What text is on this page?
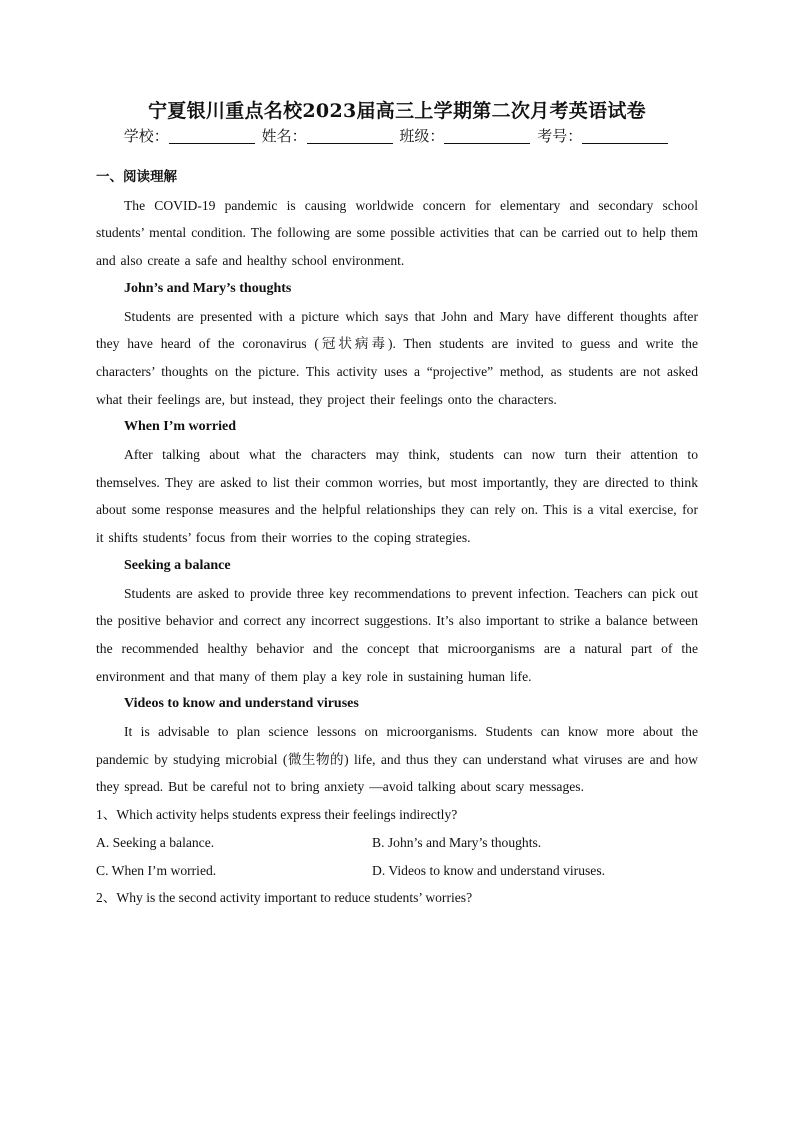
宁夏银川重点名校2023届高三上学期第二次月考英语试卷
学校：	姓名：	班级：	考号：
一、阅读理解

The COVID-19 pandemic is causing worldwide concern for elementary and secondary school students’ mental condition. The following are some possible activities that can be carried out to help them and also create a safe and healthy school environment.

John’s and Mary’s thoughts

Students are presented with a picture which says that John and Mary have different thoughts after they have heard of the coronavirus (冠状病毒). Then students are invited to guess and write the characters’ thoughts on the picture. This activity uses a “projective” method, as students are not asked what their feelings are, but instead, they project their feelings onto the characters.

When I’m worried

After talking about what the characters may think, students can now turn their attention to themselves. They are asked to list their common worries, but most importantly, they are directed to think about some response measures and the helpful relationships they can rely on. This is a vital exercise, for it shifts students’ focus from their worries to the coping strategies.

Seeking a balance

Students are asked to provide three key recommendations to prevent infection. Teachers can pick out the positive behavior and correct any incorrect suggestions. It’s also important to strike a balance between the recommended healthy behavior and the concept that microorganisms are a natural part of the environment and that many of them play a key role in sustaining human life.

Videos to know and understand viruses

It is advisable to plan science lessons on microorganisms. Students can know more about the pandemic by studying microbial (微生物的) life, and thus they can understand what viruses are and how they spread. But be careful not to bring anxiety —avoid talking about scary messages.

1、Which activity helps students express their feelings indirectly?

A. Seeking a balance.	B. John’s and Mary’s thoughts.
C. When I’m worried.	D. Videos to know and understand viruses.

2、Why is the second activity important to reduce students’ worries?
